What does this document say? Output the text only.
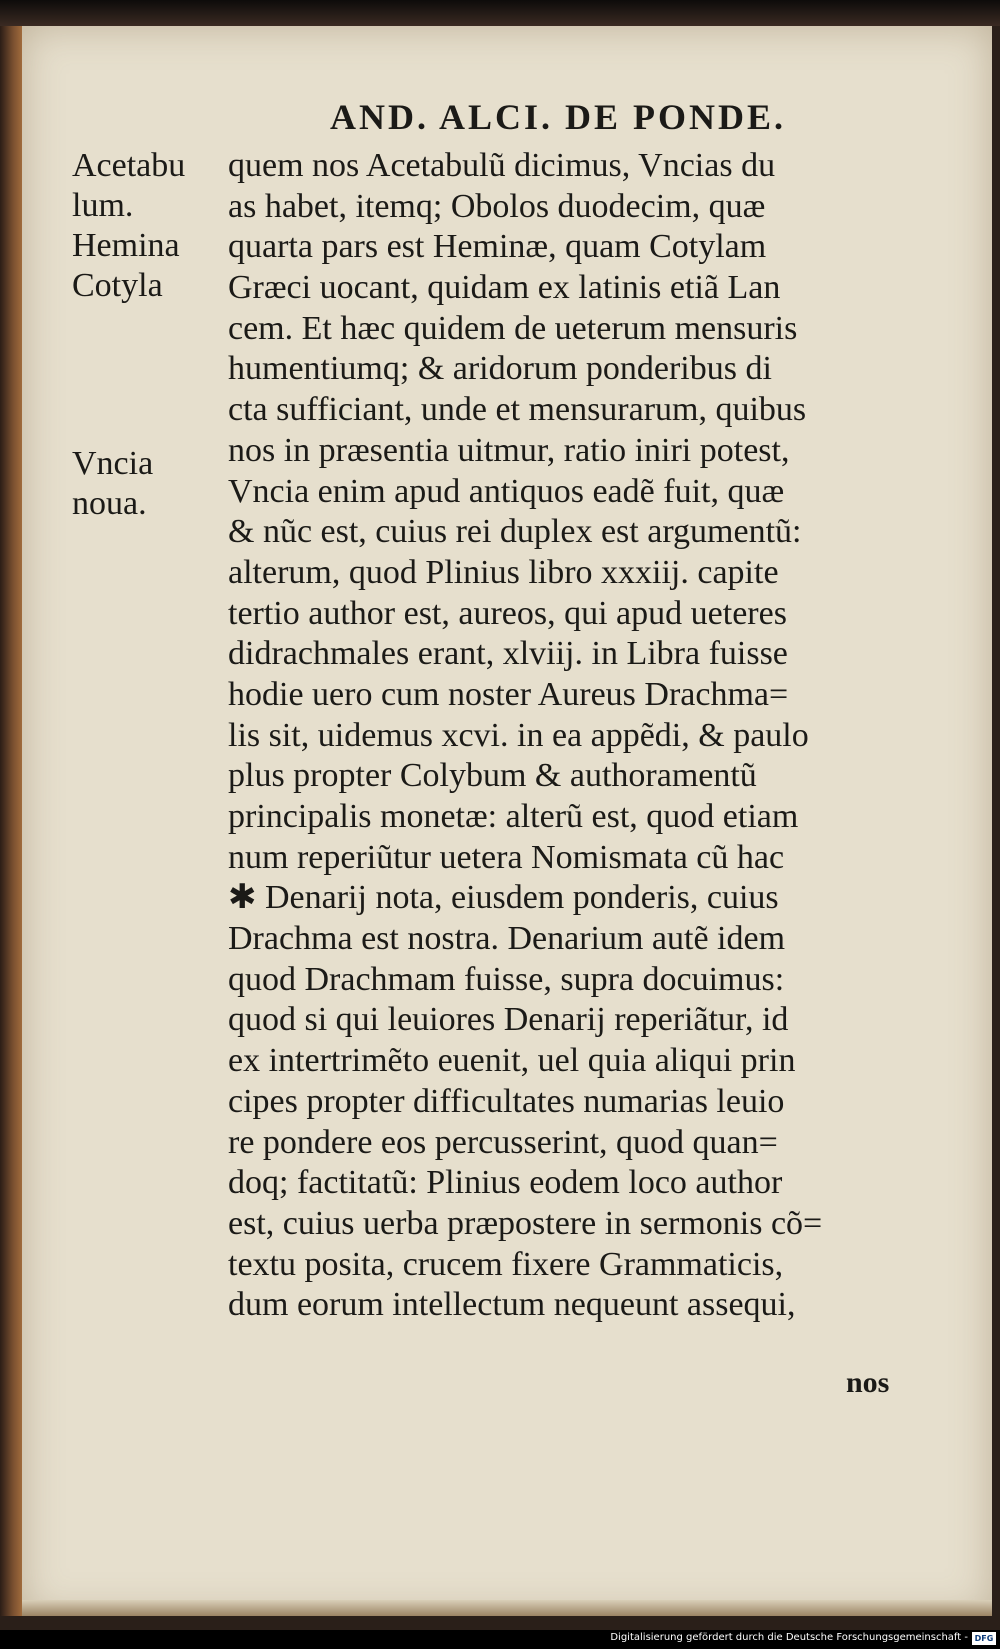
AND. ALCI. DE PONDE.
Acetabu
lum.
Hemina
Cotyla
Vncia
noua.
quem nos Acetabulũ dicimus, Vncias du
as habet, itemq; Obolos duodecim, quæ
quarta pars est Heminæ, quam Cotylam
Græci uocant, quidam ex latinis etiã Lan
cem. Et hæc quidem de ueterum mensuris
humentiumq; & aridorum ponderibus di
cta sufficiant, unde et mensurarum, quibus
nos in præsentia uitmur, ratio iniri potest,
Vncia enim apud antiquos eadẽ fuit, quæ
& nũc est, cuius rei duplex est argumentũ:
alterum, quod Plinius libro xxxiij. capite
tertio author est, aureos, qui apud ueteres
didrachmales erant, xlviij. in Libra fuisse
hodie uero cum noster Aureus Drachma=
lis sit, uidemus xcvi. in ea appẽdi, & paulo
plus propter Colybum & authoramentũ
principalis monetæ: alterũ est, quod etiam
num reperiũtur uetera Nomismata cũ hac
✱ Denarij nota, eiusdem ponderis, cuius
Drachma est nostra. Denarium autẽ idem
quod Drachmam fuisse, supra docuimus:
quod si qui leuiores Denarij reperiãtur, id
ex intertrimẽto euenit, uel quia aliqui prin
cipes propter difficultates numarias leuio
re pondere eos percusserint, quod quan=
doq; factitatũ: Plinius eodem loco author
est, cuius uerba præpostere in sermonis cõ=
textu posita, crucem fixere Grammaticis,
dum eorum intellectum nequeunt assequi,
nos
Digitalisierung gefördert durch die Deutsche Forschungsgemeinschaft - DFG
